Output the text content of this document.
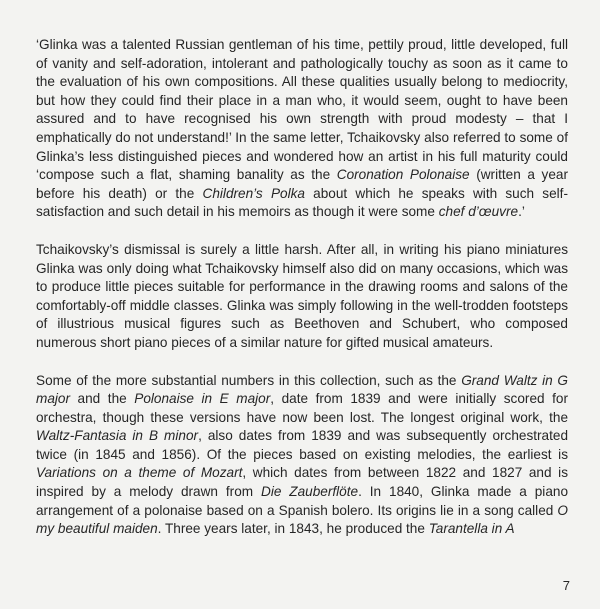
‘Glinka was a talented Russian gentleman of his time, pettily proud, little developed, full of vanity and self-adoration, intolerant and pathologically touchy as soon as it came to the evaluation of his own compositions. All these qualities usually belong to mediocrity, but how they could find their place in a man who, it would seem, ought to have been assured and to have recognised his own strength with proud modesty – that I emphatically do not understand!’ In the same letter, Tchaikovsky also referred to some of Glinka’s less distinguished pieces and wondered how an artist in his full maturity could ‘compose such a flat, shaming banality as the Coronation Polonaise (written a year before his death) or the Children’s Polka about which he speaks with such self-satisfaction and such detail in his memoirs as though it were some chef d’œuvre.’

Tchaikovsky’s dismissal is surely a little harsh. After all, in writing his piano miniatures Glinka was only doing what Tchaikovsky himself also did on many occasions, which was to produce little pieces suitable for performance in the drawing rooms and salons of the comfortably-off middle classes. Glinka was simply following in the well-trodden footsteps of illustrious musical figures such as Beethoven and Schubert, who composed numerous short piano pieces of a similar nature for gifted musical amateurs.

Some of the more substantial numbers in this collection, such as the Grand Waltz in G major and the Polonaise in E major, date from 1839 and were initially scored for orchestra, though these versions have now been lost. The longest original work, the Waltz-Fantasia in B minor, also dates from 1839 and was subsequently orchestrated twice (in 1845 and 1856). Of the pieces based on existing melodies, the earliest is Variations on a theme of Mozart, which dates from between 1822 and 1827 and is inspired by a melody drawn from Die Zauberflöte. In 1840, Glinka made a piano arrangement of a polonaise based on a Spanish bolero. Its origins lie in a song called O my beautiful maiden. Three years later, in 1843, he produced the Tarantella in A

7
